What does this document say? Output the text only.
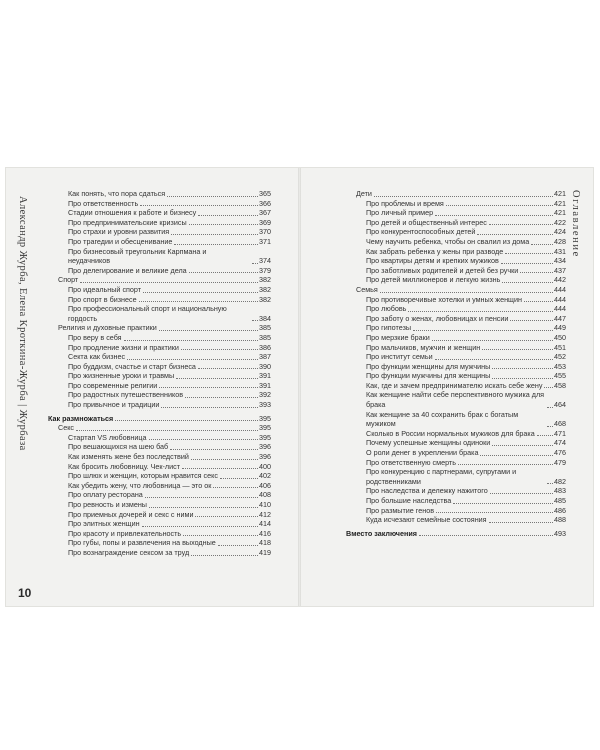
Александр Журба, Елена Кроткина-Журба | Журбаза
Как понять, что пора сдаться	365
Про ответственность	366
Стадии отношения к работе и бизнесу	367
Про предпринимательские кризисы	369
Про страхи и уровни развития	370
Про трагедии и обесценивание	371
Про бизнесовый треугольник Карпмана и неудачников	374
Про делегирование и великие дела	379
Спорт	382
Про идеальный спорт	382
Про спорт в бизнесе	382
Про профессиональный спорт и национальную гордость	384
Религия и духовные практики	385
Про веру в себя	385
Про продление жизни и практики	386
Секта как бизнес	387
Про буддизм, счастье и старт бизнеса	390
Про жизненные уроки и травмы	391
Про современные религии	391
Про радостных путешественников	392
Про привычное и традиции	393
Как размножаться	395
Секс	395
Стартап VS любовница	395
Про вешающихся на шею баб	396
Как изменять жене без последствий	396
Как бросить любовницу. Чек-лист	400
Про шлюх и женщин, которым нравится секс	402
Как убедить жену, что любовница — это ок	406
Про оплату ресторана	408
Про ревность и измены	410
Про приемных дочерей и секс с ними	412
Про элитных женщин	414
Про красоту и привлекательность	416
Про губы, попы и развлечения на выходные	418
Про вознаграждение сексом за труд	419
10
Дети	421
Про проблемы и время	421
Про личный пример	421
Про детей и общественный интерес	422
Про конкурентоспособных детей	424
Чему научить ребенка, чтобы он свалил из дома	428
Как забрать ребенка у жены при разводе	431
Про квартиры детям и крепких мужиков	434
Про заботливых родителей и детей без ручки	437
Про детей миллионеров и легкую жизнь	442
Семья	444
Про противоречивые хотелки и умных женщин	444
Про любовь	444
Про заботу о женах, любовницах и пенсии	447
Про гипотезы	449
Про мерзкие браки	450
Про мальчиков, мужчин и женщин	451
Про институт семьи	452
Про функции женщины для мужчины	453
Про функции мужчины для женщины	455
Как, где и зачем предпринимателю искать себе жену 458
Как женщине найти себе перспективного мужика для брака	464
Как женщине за 40 сохранить брак с богатым мужиком	468
Сколько в России нормальных мужиков для брака	471
Почему успешные женщины одиноки	474
О роли денег в укреплении брака	476
Про ответственную смерть	479
Про конкуренцию с партнерами, супругами и родственниками	482
Про наследства и дележку нажитого	483
Про большие наследства	485
Про размытие генов	486
Куда исчезают семейные состояния	488
Вместо заключения	493
Оглавление
